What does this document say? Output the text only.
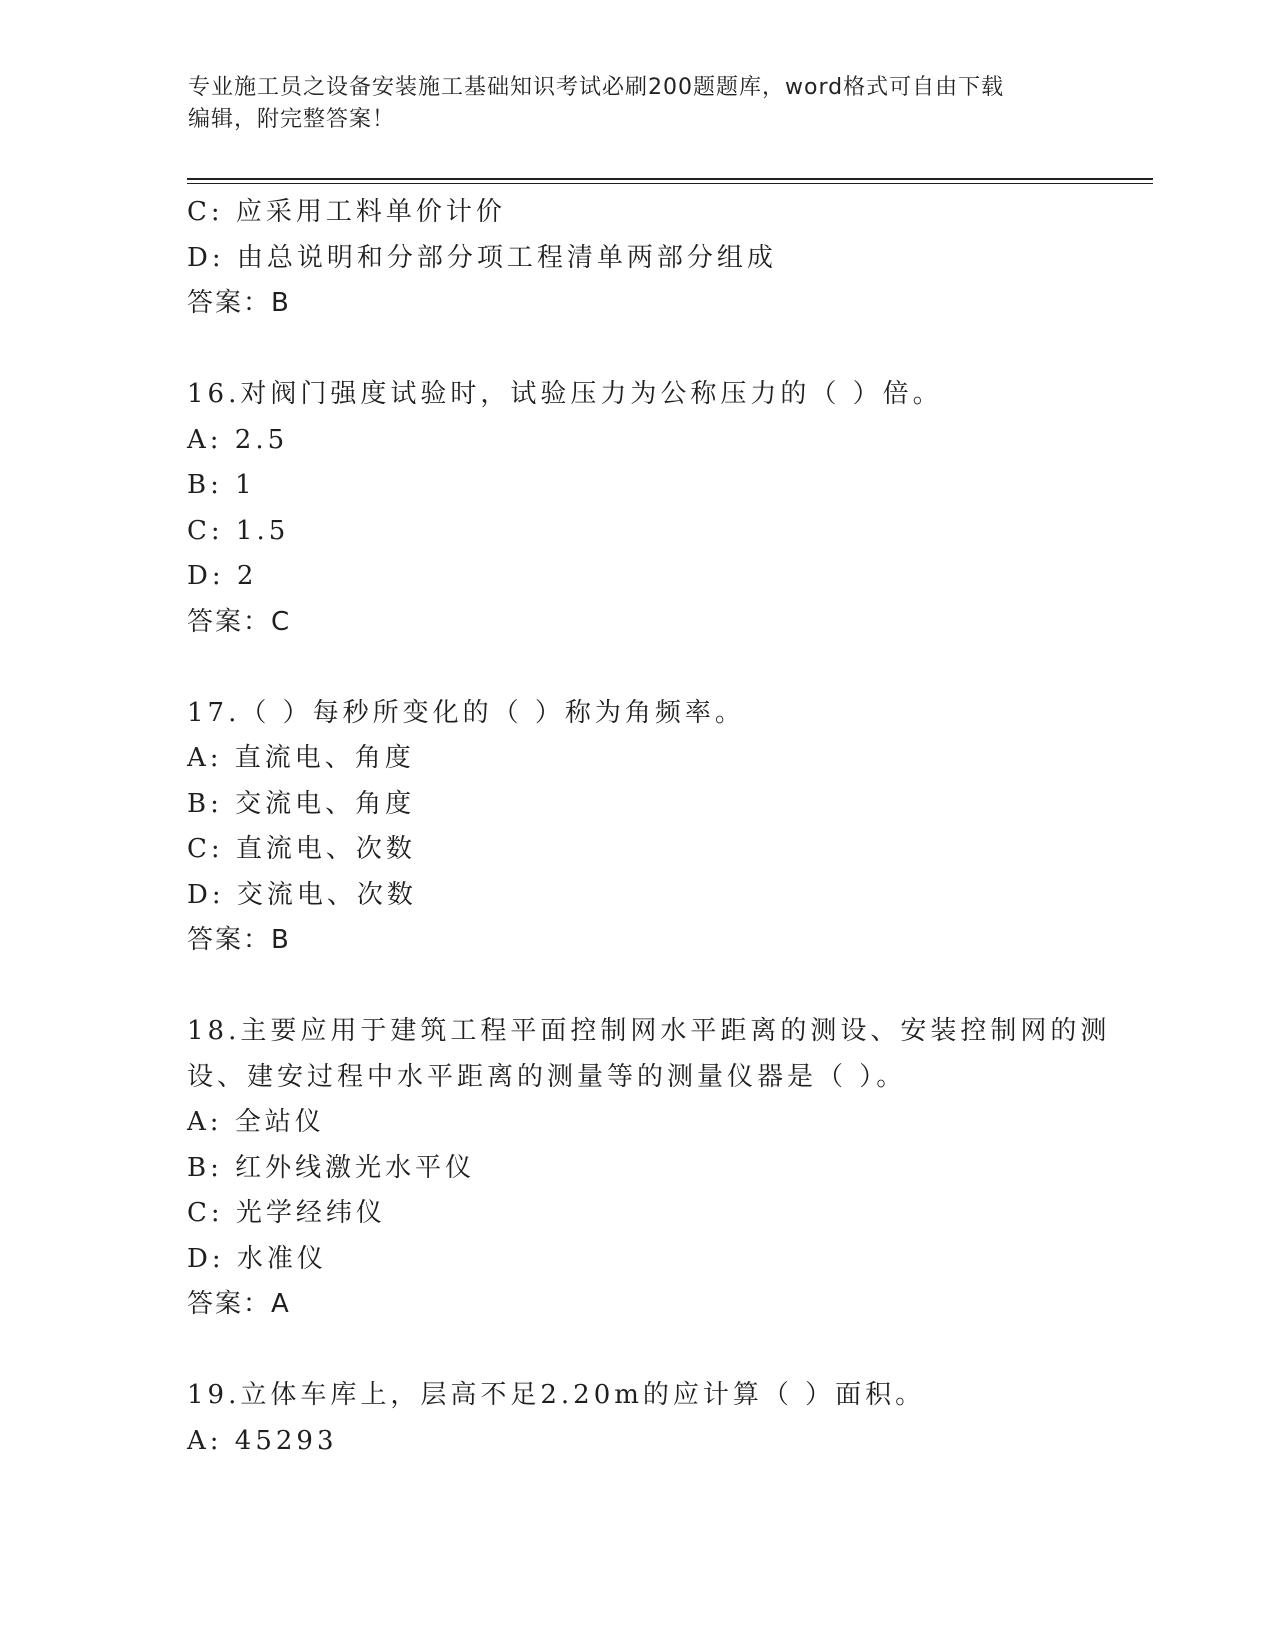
专业施工员之设备安装施工基础知识考试必刷200题题库，word格式可自由下载
编辑，附完整答案！
C: 应采用工料单价计价
D: 由总说明和分部分项工程清单两部分组成
答案：B
16.对阀门强度试验时，试验压力为公称压力的（ ）倍。
A: 2.5
B: 1
C: 1.5
D: 2
答案：C
17.（ ）每秒所变化的（ ）称为角频率。
A: 直流电、角度
B: 交流电、角度
C: 直流电、次数
D: 交流电、次数
答案：B
18.主要应用于建筑工程平面控制网水平距离的测设、安装控制网的测
设、建安过程中水平距离的测量等的测量仪器是（ ）。
A: 全站仪
B: 红外线激光水平仪
C: 光学经纬仪
D: 水准仪
答案：A
19.立体车库上，层高不足2.20m的应计算（ ）面积。
A: 45293
